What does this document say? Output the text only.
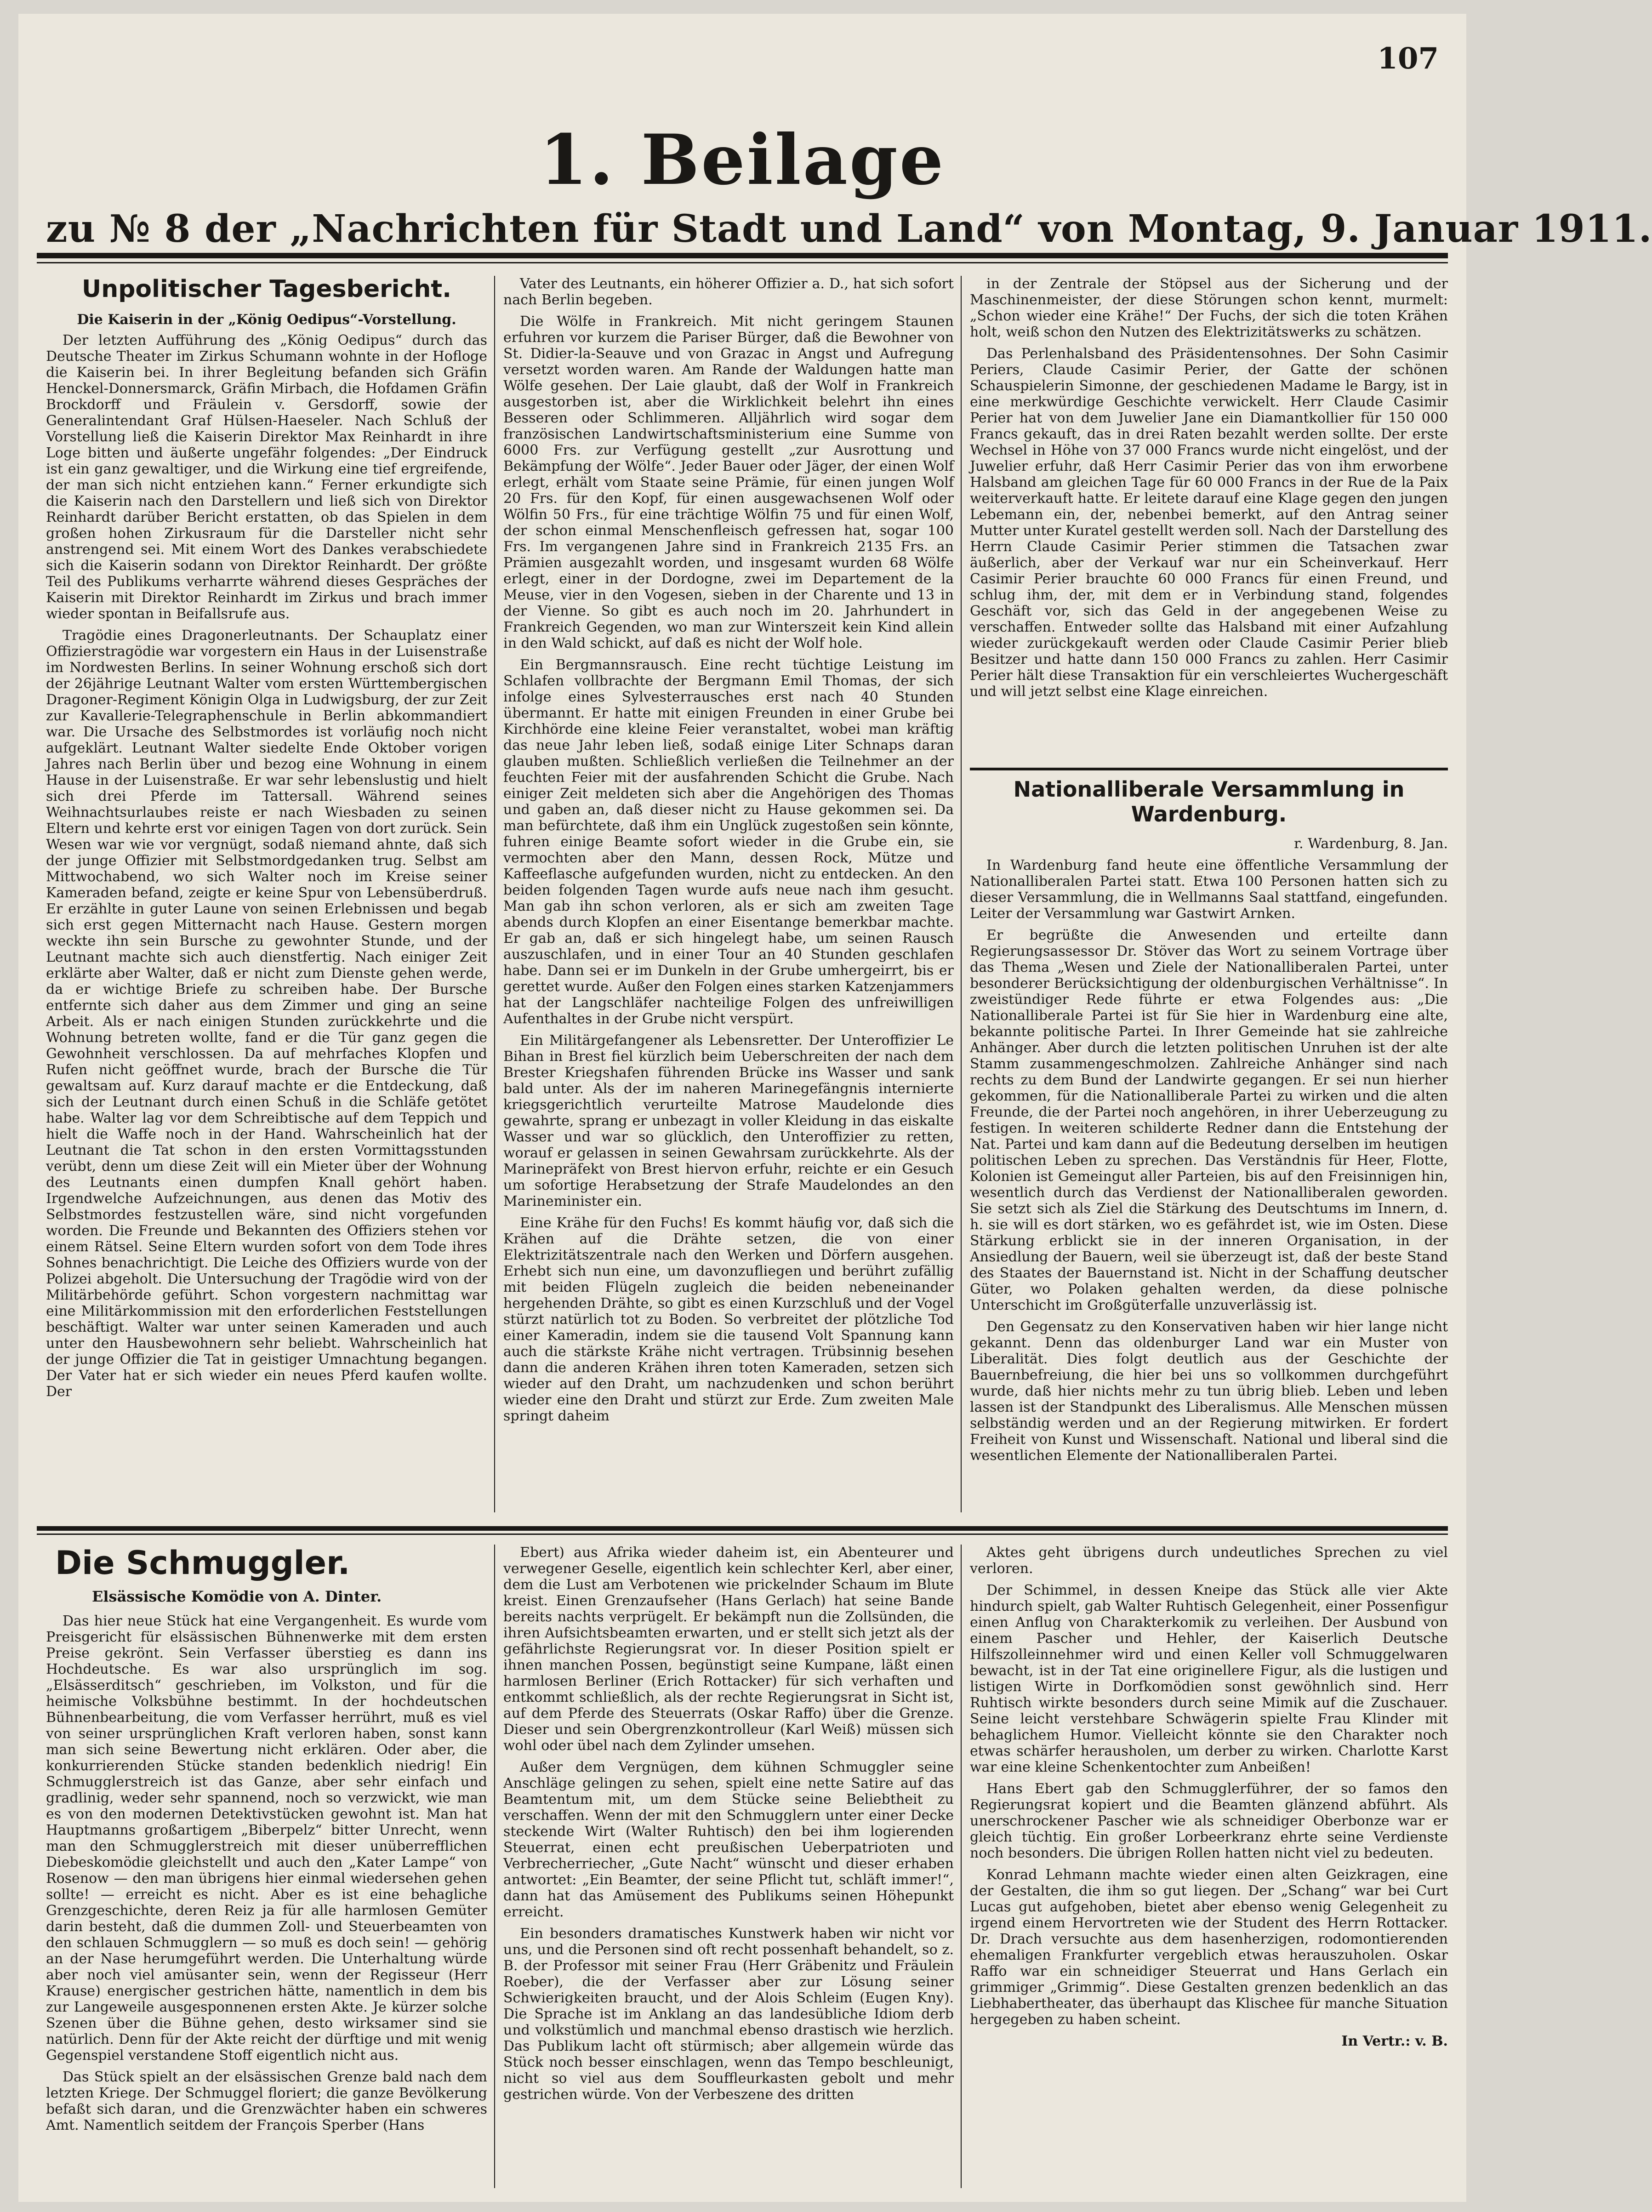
107
1. Beilage
zu № 8 der „Nachrichten für Stadt und Land“ von Montag, 9. Januar 1911.
Unpolitischer Tagesbericht.
Die Kaiserin in der „König Oedipus“-Vorstellung.

Der letzten Aufführung des „König Oedipus“ durch das Deutsche Theater im Zirkus Schumann wohnte in der Hofloge die Kaiserin bei. In ihrer Begleitung befanden sich Gräfin Henckel-Donnersmarck, Gräfin Mirbach, die Hofdamen Gräfin Brockdorff und Fräulein v. Gersdorff, sowie der Generalintendant Graf Hülsen-Haeseler. Nach Schluß der Vorstellung ließ die Kaiserin Direktor Max Reinhardt in ihre Loge bitten und äußerte ungefähr folgendes: „Der Eindruck ist ein ganz gewaltiger, und die Wirkung eine tief ergreifende, der man sich nicht entziehen kann.“ Ferner erkundigte sich die Kaiserin nach den Darstellern und ließ sich von Direktor Reinhardt darüber Bericht erstatten, ob das Spielen in dem großen hohen Zirkusraum für die Darsteller nicht sehr anstrengend sei. Mit einem Wort des Dankes verabschiedete sich die Kaiserin sodann von Direktor Reinhardt. Der größte Teil des Publikums verharrte während dieses Gespräches der Kaiserin mit Direktor Reinhardt im Zirkus und brach immer wieder spontan in Beifallsrufe aus.

Tragödie eines Dragonerleutnants. Der Schauplatz einer Offizierstragödie war vorgestern ein Haus in der Luisenstraße im Nordwesten Berlins. In seiner Wohnung erschoß sich dort der 26jährige Leutnant Walter vom ersten Württembergischen Dragoner-Regiment Königin Olga in Ludwigsburg, der zur Zeit zur Kavallerie-Telegraphenschule in Berlin abkommandiert war. Die Ursache des Selbstmordes ist vorläufig noch nicht aufgeklärt. Leutnant Walter siedelte Ende Oktober vorigen Jahres nach Berlin über und bezog eine Wohnung in einem Hause in der Luisenstraße. Er war sehr lebenslustig und hielt sich drei Pferde im Tattersall. Während seines Weihnachtsurlaubes reiste er nach Wiesbaden zu seinen Eltern und kehrte erst vor einigen Tagen von dort zurück. Sein Wesen war wie vor vergnügt, sodaß niemand ahnte, daß sich der junge Offizier mit Selbstmordgedanken trug. Selbst am Mittwochabend, wo sich Walter noch im Kreise seiner Kameraden befand, zeigte er keine Spur von Lebensüberdruß. Er erzählte in guter Laune von seinen Erlebnissen und begab sich erst gegen Mitternacht nach Hause. Gestern morgen weckte ihn sein Bursche zu gewohnter Stunde, und der Leutnant machte sich auch dienstfertig. Nach einiger Zeit erklärte aber Walter, daß er nicht zum Dienste gehen werde, da er wichtige Briefe zu schreiben habe. Der Bursche entfernte sich daher aus dem Zimmer und ging an seine Arbeit. Als er nach einigen Stunden zurückkehrte und die Wohnung betreten wollte, fand er die Tür ganz gegen die Gewohnheit verschlossen. Da auf mehrfaches Klopfen und Rufen nicht geöffnet wurde, brach der Bursche die Tür gewaltsam auf. Kurz darauf machte er die Entdeckung, daß sich der Leutnant durch einen Schuß in die Schläfe getötet habe. Walter lag vor dem Schreibtische auf dem Teppich und hielt die Waffe noch in der Hand. Wahrscheinlich hat der Leutnant die Tat schon in den ersten Vormittagsstunden verübt, denn um diese Zeit will ein Mieter über der Wohnung des Leutnants einen dumpfen Knall gehört haben. Irgendwelche Aufzeichnungen, aus denen das Motiv des Selbstmordes festzustellen wäre, sind nicht vorgefunden worden. Die Freunde und Bekannten des Offiziers stehen vor einem Rätsel. Seine Eltern wurden sofort von dem Tode ihres Sohnes benachrichtigt. Die Leiche des Offiziers wurde von der Polizei abgeholt. Die Untersuchung der Tragödie wird von der Militärbehörde geführt. Schon vorgestern nachmittag war eine Militärkommission mit den erforderlichen Feststellungen beschäftigt. Walter war unter seinen Kameraden und auch unter den Hausbewohnern sehr beliebt. Wahrscheinlich hat der junge Offizier die Tat in geistiger Umnachtung begangen. Der Vater hat er sich wieder ein neues Pferd kaufen wollte. Der

Vater des Leutnants, ein höherer Offizier a. D., hat sich sofort nach Berlin begeben.

Die Wölfe in Frankreich. Mit nicht geringem Staunen erfuhren vor kurzem die Pariser Bürger, daß die Bewohner von St. Didier-la-Seauve und von Grazac in Angst und Aufregung versetzt worden waren. Am Rande der Waldungen hatte man Wölfe gesehen. Der Laie glaubt, daß der Wolf in Frankreich ausgestorben ist, aber die Wirklichkeit belehrt ihn eines Besseren oder Schlimmeren. Alljährlich wird sogar dem französischen Landwirtschaftsministerium eine Summe von 6000 Frs. zur Verfügung gestellt „zur Ausrottung und Bekämpfung der Wölfe“. Jeder Bauer oder Jäger, der einen Wolf erlegt, erhält vom Staate seine Prämie, für einen jungen Wolf 20 Frs. für den Kopf, für einen ausgewachsenen Wolf oder Wölfin 50 Frs., für eine trächtige Wölfin 75 und für einen Wolf, der schon einmal Menschenfleisch gefressen hat, sogar 100 Frs. Im vergangenen Jahre sind in Frankreich 2135 Frs. an Prämien ausgezahlt worden, und insgesamt wurden 68 Wölfe erlegt, einer in der Dordogne, zwei im Departement de la Meuse, vier in den Vogesen, sieben in der Charente und 13 in der Vienne. So gibt es auch noch im 20. Jahrhundert in Frankreich Gegenden, wo man zur Winterszeit kein Kind allein in den Wald schickt, auf daß es nicht der Wolf hole.

Ein Bergmannsrausch. Eine recht tüchtige Leistung im Schlafen vollbrachte der Bergmann Emil Thomas, der sich infolge eines Sylvesterrausches erst nach 40 Stunden übermannt. Er hatte mit einigen Freunden in einer Grube bei Kirchhörde eine kleine Feier veranstaltet, wobei man kräftig das neue Jahr leben ließ, sodaß einige Liter Schnaps daran glauben mußten. Schließlich verließen die Teilnehmer an der feuchten Feier mit der ausfahrenden Schicht die Grube. Nach einiger Zeit meldeten sich aber die Angehörigen des Thomas und gaben an, daß dieser nicht zu Hause gekommen sei. Da man befürchtete, daß ihm ein Unglück zugestoßen sein könnte, fuhren einige Beamte sofort wieder in die Grube ein, sie vermochten aber den Mann, dessen Rock, Mütze und Kaffeeflasche aufgefunden wurden, nicht zu entdecken. An den beiden folgenden Tagen wurde aufs neue nach ihm gesucht. Man gab ihn schon verloren, als er sich am zweiten Tage abends durch Klopfen an einer Eisentange bemerkbar machte. Er gab an, daß er sich hingelegt habe, um seinen Rausch auszuschlafen, und in einer Tour an 40 Stunden geschlafen habe. Dann sei er im Dunkeln in der Grube umhergeirrt, bis er gerettet wurde. Außer den Folgen eines starken Katzenjammers hat der Langschläfer nachteilige Folgen des unfreiwilligen Aufenthaltes in der Grube nicht verspürt.

Ein Militärgefangener als Lebensretter. Der Unteroffizier Le Bihan in Brest fiel kürzlich beim Ueberschreiten der nach dem Brester Kriegshafen führenden Brücke ins Wasser und sank bald unter. Als der im naheren Marinegefängnis internierte kriegsgerichtlich verurteilte Matrose Maudelonde dies gewahrte, sprang er unbezagt in voller Kleidung in das eiskalte Wasser und war so glücklich, den Unteroffizier zu retten, worauf er gelassen in seinen Gewahrsam zurückkehrte. Als der Marinepräfekt von Brest hiervon erfuhr, reichte er ein Gesuch um sofortige Herabsetzung der Strafe Maudelondes an den Marineminister ein.

Eine Krähe für den Fuchs! Es kommt häufig vor, daß sich die Krähen auf die Drähte setzen, die von einer Elektrizitätszentrale nach den Werken und Dörfern ausgehen. Erhebt sich nun eine, um davonzufliegen und berührt zufällig mit beiden Flügeln zugleich die beiden nebeneinander hergehenden Drähte, so gibt es einen Kurzschluß und der Vogel stürzt natürlich tot zu Boden. So verbreitet der plötzliche Tod einer Kameradin, indem sie die tausend Volt Spannung kann auch die stärkste Krähe nicht vertragen. Trübsinnig besehen dann die anderen Krähen ihren toten Kameraden, setzen sich wieder auf den Draht, um nachzudenken und schon berührt wieder eine den Draht und stürzt zur Erde. Zum zweiten Male springt daheim

in der Zentrale der Stöpsel aus der Sicherung und der Maschinenmeister, der diese Störungen schon kennt, murmelt: „Schon wieder eine Krähe!“ Der Fuchs, der sich die toten Krähen holt, weiß schon den Nutzen des Elektrizitätswerks zu schätzen.

Das Perlenhalsband des Präsidentensohnes. Der Sohn Casimir Periers, Claude Casimir Perier, der Gatte der schönen Schauspielerin Simonne, der geschiedenen Madame le Bargy, ist in eine merkwürdige Geschichte verwickelt. Herr Claude Casimir Perier hat von dem Juwelier Jane ein Diamantkollier für 150 000 Francs gekauft, das in drei Raten bezahlt werden sollte. Der erste Wechsel in Höhe von 37 000 Francs wurde nicht eingelöst, und der Juwelier erfuhr, daß Herr Casimir Perier das von ihm erworbene Halsband am gleichen Tage für 60 000 Francs in der Rue de la Paix weiterverkauft hatte. Er leitete darauf eine Klage gegen den jungen Lebemann ein, der, nebenbei bemerkt, auf den Antrag seiner Mutter unter Kuratel gestellt werden soll. Nach der Darstellung des Herrn Claude Casimir Perier stimmen die Tatsachen zwar äußerlich, aber der Verkauf war nur ein Scheinverkauf. Herr Casimir Perier brauchte 60 000 Francs für einen Freund, und schlug ihm, der, mit dem er in Verbindung stand, folgendes Geschäft vor, sich das Geld in der angegebenen Weise zu verschaffen. Entweder sollte das Halsband mit einer Aufzahlung wieder zurückgekauft werden oder Claude Casimir Perier blieb Besitzer und hatte dann 150 000 Francs zu zahlen. Herr Casimir Perier hält diese Transaktion für ein verschleiertes Wuchergeschäft und will jetzt selbst eine Klage einreichen.

Nationalliberale Versammlung in Wardenburg.
r. Wardenburg, 8. Jan.

In Wardenburg fand heute eine öffentliche Versammlung der Nationalliberalen Partei statt. Etwa 100 Personen hatten sich zu dieser Versammlung, die in Wellmanns Saal stattfand, eingefunden. Leiter der Versammlung war Gastwirt Arnken.

Er begrüßte die Anwesenden und erteilte dann Regierungsassessor Dr. Stöver das Wort zu seinem Vortrage über das Thema „Wesen und Ziele der Nationalliberalen Partei, unter besonderer Berücksichtigung der oldenburgischen Verhältnisse“. In zweistündiger Rede führte er etwa Folgendes aus: „Die Nationalliberale Partei ist für Sie hier in Wardenburg eine alte, bekannte politische Partei. In Ihrer Gemeinde hat sie zahlreiche Anhänger. Aber durch die letzten politischen Unruhen ist der alte Stamm zusammengeschmolzen. Zahlreiche Anhänger sind nach rechts zu dem Bund der Landwirte gegangen. Er sei nun hierher gekommen, für die Nationalliberale Partei zu wirken und die alten Freunde, die der Partei noch angehören, in ihrer Ueberzeugung zu festigen. In weiteren schilderte Redner dann die Entstehung der Nat. Partei und kam dann auf die Bedeutung derselben im heutigen politischen Leben zu sprechen. Das Verständnis für Heer, Flotte, Kolonien ist Gemeingut aller Parteien, bis auf den Freisinnigen hin, wesentlich durch das Verdienst der Nationalliberalen geworden. Sie setzt sich als Ziel die Stärkung des Deutschtums im Innern, d. h. sie will es dort stärken, wo es gefährdet ist, wie im Osten. Diese Stärkung erblickt sie in der inneren Organisation, in der Ansiedlung der Bauern, weil sie überzeugt ist, daß der beste Stand des Staates der Bauernstand ist. Nicht in der Schaffung deutscher Güter, wo Polaken gehalten werden, da diese polnische Unterschicht im Großgüterfalle unzuverlässig ist.

Den Gegensatz zu den Konservativen haben wir hier lange nicht gekannt. Denn das oldenburger Land war ein Muster von Liberalität. Dies folgt deutlich aus der Geschichte der Bauernbefreiung, die hier bei uns so vollkommen durchgeführt wurde, daß hier nichts mehr zu tun übrig blieb. Leben und leben lassen ist der Standpunkt des Liberalismus. Alle Menschen müssen selbständig werden und an der Regierung mitwirken. Er fordert Freiheit von Kunst und Wissenschaft. National und liberal sind die wesentlichen Elemente der Nationalliberalen Partei.

Die Schmuggler.
Elsässische Komödie von A. Dinter.

Das hier neue Stück hat eine Vergangenheit. Es wurde vom Preisgericht für elsässischen Bühnenwerke mit dem ersten Preise gekrönt. Sein Verfasser überstieg es dann ins Hochdeutsche. Es war also ursprünglich im sog. „Elsässerditsch“ geschrieben, im Volkston, und für die heimische Volksbühne bestimmt. In der hochdeutschen Bühnenbearbeitung, die vom Verfasser herrührt, muß es viel von seiner ursprünglichen Kraft verloren haben, sonst kann man sich seine Bewertung nicht erklären. Oder aber, die konkurrierenden Stücke standen bedenklich niedrig! Ein Schmugglerstreich ist das Ganze, aber sehr einfach und gradlinig, weder sehr spannend, noch so verzwickt, wie man es von den modernen Detektivstücken gewohnt ist. Man hat Hauptmanns großartigem „Biberpelz“ bitter Unrecht, wenn man den Schmugglerstreich mit dieser unüberrefflichen Diebeskomödie gleichstellt und auch den „Kater Lampe“ von Rosenow — den man übrigens hier einmal wiedersehen gehen sollte! — erreicht es nicht. Aber es ist eine behagliche Grenzgeschichte, deren Reiz ja für alle harmlosen Gemüter darin besteht, daß die dummen Zoll- und Steuerbeamten von den schlauen Schmugglern — so muß es doch sein! — gehörig an der Nase herumgeführt werden. Die Unterhaltung würde aber noch viel amüsanter sein, wenn der Regisseur (Herr Krause) energischer gestrichen hätte, namentlich in dem bis zur Langeweile ausgesponnenen ersten Akte. Je kürzer solche Szenen über die Bühne gehen, desto wirksamer sind sie natürlich. Denn für der Akte reicht der dürftige und mit wenig Gegenspiel verstandene Stoff eigentlich nicht aus.

Das Stück spielt an der elsässischen Grenze bald nach dem letzten Kriege. Der Schmuggel floriert; die ganze Bevölkerung befaßt sich daran, und die Grenzwächter haben ein schweres Amt. Namentlich seitdem der François Sperber (Hans

Ebert) aus Afrika wieder daheim ist, ein Abenteurer und verwegener Geselle, eigentlich kein schlechter Kerl, aber einer, dem die Lust am Verbotenen wie prickelnder Schaum im Blute kreist. Einen Grenzaufseher (Hans Gerlach) hat seine Bande bereits nachts verprügelt. Er bekämpft nun die Zollsünden, die ihren Aufsichtsbeamten erwarten, und er stellt sich jetzt als der gefährlichste Regierungsrat vor. In dieser Position spielt er ihnen manchen Possen, begünstigt seine Kumpane, läßt einen harmlosen Berliner (Erich Rottacker) für sich verhaften und entkommt schließlich, als der rechte Regierungsrat in Sicht ist, auf dem Pferde des Steuerrats (Oskar Raffo) über die Grenze. Dieser und sein Obergrenzkontrolleur (Karl Weiß) müssen sich wohl oder übel nach dem Zylinder umsehen.

Außer dem Vergnügen, dem kühnen Schmuggler seine Anschläge gelingen zu sehen, spielt eine nette Satire auf das Beamtentum mit, um dem Stücke seine Beliebtheit zu verschaffen. Wenn der mit den Schmugglern unter einer Decke steckende Wirt (Walter Ruhtisch) den bei ihm logierenden Steuerrat, einen echt preußischen Ueberpatrioten und Verbrecherriecher, „Gute Nacht“ wünscht und dieser erhaben antwortet: „Ein Beamter, der seine Pflicht tut, schläft immer!“, dann hat das Amüsement des Publikums seinen Höhepunkt erreicht.

Ein besonders dramatisches Kunstwerk haben wir nicht vor uns, und die Personen sind oft recht possenhaft behandelt, so z. B. der Professor mit seiner Frau (Herr Gräbenitz und Fräulein Roeber), die der Verfasser aber zur Lösung seiner Schwierigkeiten braucht, und der Alois Schleim (Eugen Kny). Die Sprache ist im Anklang an das landesübliche Idiom derb und volkstümlich und manchmal ebenso drastisch wie herzlich. Das Publikum lacht oft stürmisch; aber allgemein würde das Stück noch besser einschlagen, wenn das Tempo beschleunigt, nicht so viel aus dem Souffleurkasten gebolt und mehr gestrichen würde. Von der Verbeszene des dritten

Aktes geht übrigens durch undeutliches Sprechen zu viel verloren.

Der Schimmel, in dessen Kneipe das Stück alle vier Akte hindurch spielt, gab Walter Ruhtisch Gelegenheit, einer Possenfigur einen Anflug von Charakterkomik zu verleihen. Der Ausbund von einem Pascher und Hehler, der Kaiserlich Deutsche Hilfszolleinnehmer wird und einen Keller voll Schmuggelwaren bewacht, ist in der Tat eine originellere Figur, als die lustigen und listigen Wirte in Dorfkomödien sonst gewöhnlich sind. Herr Ruhtisch wirkte besonders durch seine Mimik auf die Zuschauer. Seine leicht verstehbare Schwägerin spielte Frau Klinder mit behaglichem Humor. Vielleicht könnte sie den Charakter noch etwas schärfer herausholen, um derber zu wirken. Charlotte Karst war eine kleine Schenkentochter zum Anbeißen!

Hans Ebert gab den Schmugglerführer, der so famos den Regierungsrat kopiert und die Beamten glänzend abführt. Als unerschrockener Pascher wie als schneidiger Oberbonze war er gleich tüchtig. Ein großer Lorbeerkranz ehrte seine Verdienste noch besonders. Die übrigen Rollen hatten nicht viel zu bedeuten.

Konrad Lehmann machte wieder einen alten Geizkragen, eine der Gestalten, die ihm so gut liegen. Der „Schang“ war bei Curt Lucas gut aufgehoben, bietet aber ebenso wenig Gelegenheit zu irgend einem Hervortreten wie der Student des Herrn Rottacker. Dr. Drach versuchte aus dem hasenherzigen, rodomontierenden ehemaligen Frankfurter vergeblich etwas herauszuholen. Oskar Raffo war ein schneidiger Steuerrat und Hans Gerlach ein grimmiger „Grimmig“. Diese Gestalten grenzen bedenklich an das Liebhabertheater, das überhaupt das Klischee für manche Situation hergegeben zu haben scheint.

In Vertr.: v. B.
